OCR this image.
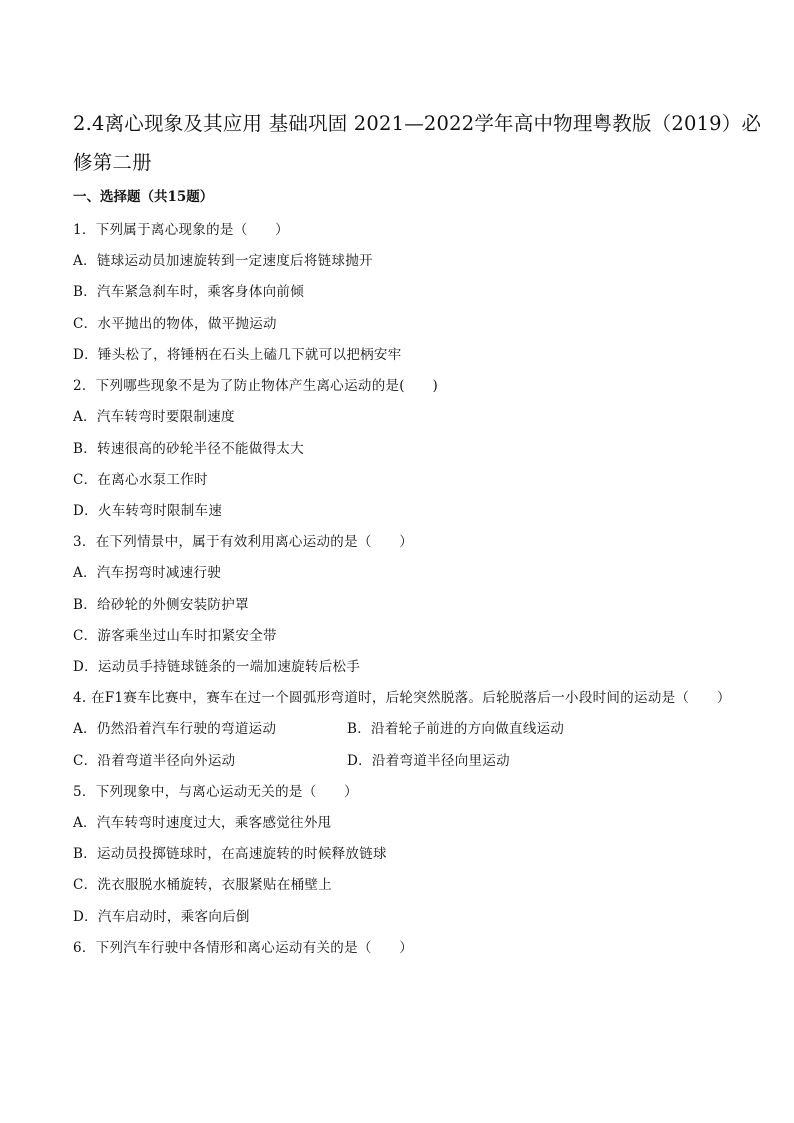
2.4离心现象及其应用 基础巩固 2021—2022学年高中物理粤教版（2019）必修第二册
一、选择题（共15题）
1．下列属于离心现象的是（　　）
A．链球运动员加速旋转到一定速度后将链球抛开
B．汽车紧急刹车时，乘客身体向前倾
C．水平抛出的物体，做平抛运动
D．锤头松了，将锤柄在石头上磕几下就可以把柄安牢
2．下列哪些现象不是为了防止物体产生离心运动的是(　　)
A．汽车转弯时要限制速度
B．转速很高的砂轮半径不能做得太大
C．在离心水泵工作时
D．火车转弯时限制车速
3．在下列情景中，属于有效利用离心运动的是（　　）
A．汽车拐弯时减速行驶
B．给砂轮的外侧安装防护罩
C．游客乘坐过山车时扣紧安全带
D．运动员手持链球链条的一端加速旋转后松手
4. 在F1赛车比赛中，赛车在过一个圆弧形弯道时，后轮突然脱落。后轮脱落后一小段时间的运动是（　　）
A．仍然沿着汽车行驶的弯道运动	B．沿着轮子前进的方向做直线运动
C．沿着弯道半径向外运动	D．沿着弯道半径向里运动
5．下列现象中，与离心运动无关的是（　　）
A．汽车转弯时速度过大，乘客感觉往外甩
B．运动员投掷链球时，在高速旋转的时候释放链球
C．洗衣服脱水桶旋转，衣服紧贴在桶壁上
D．汽车启动时，乘客向后倒
6．下列汽车行驶中各情形和离心运动有关的是（　　）
